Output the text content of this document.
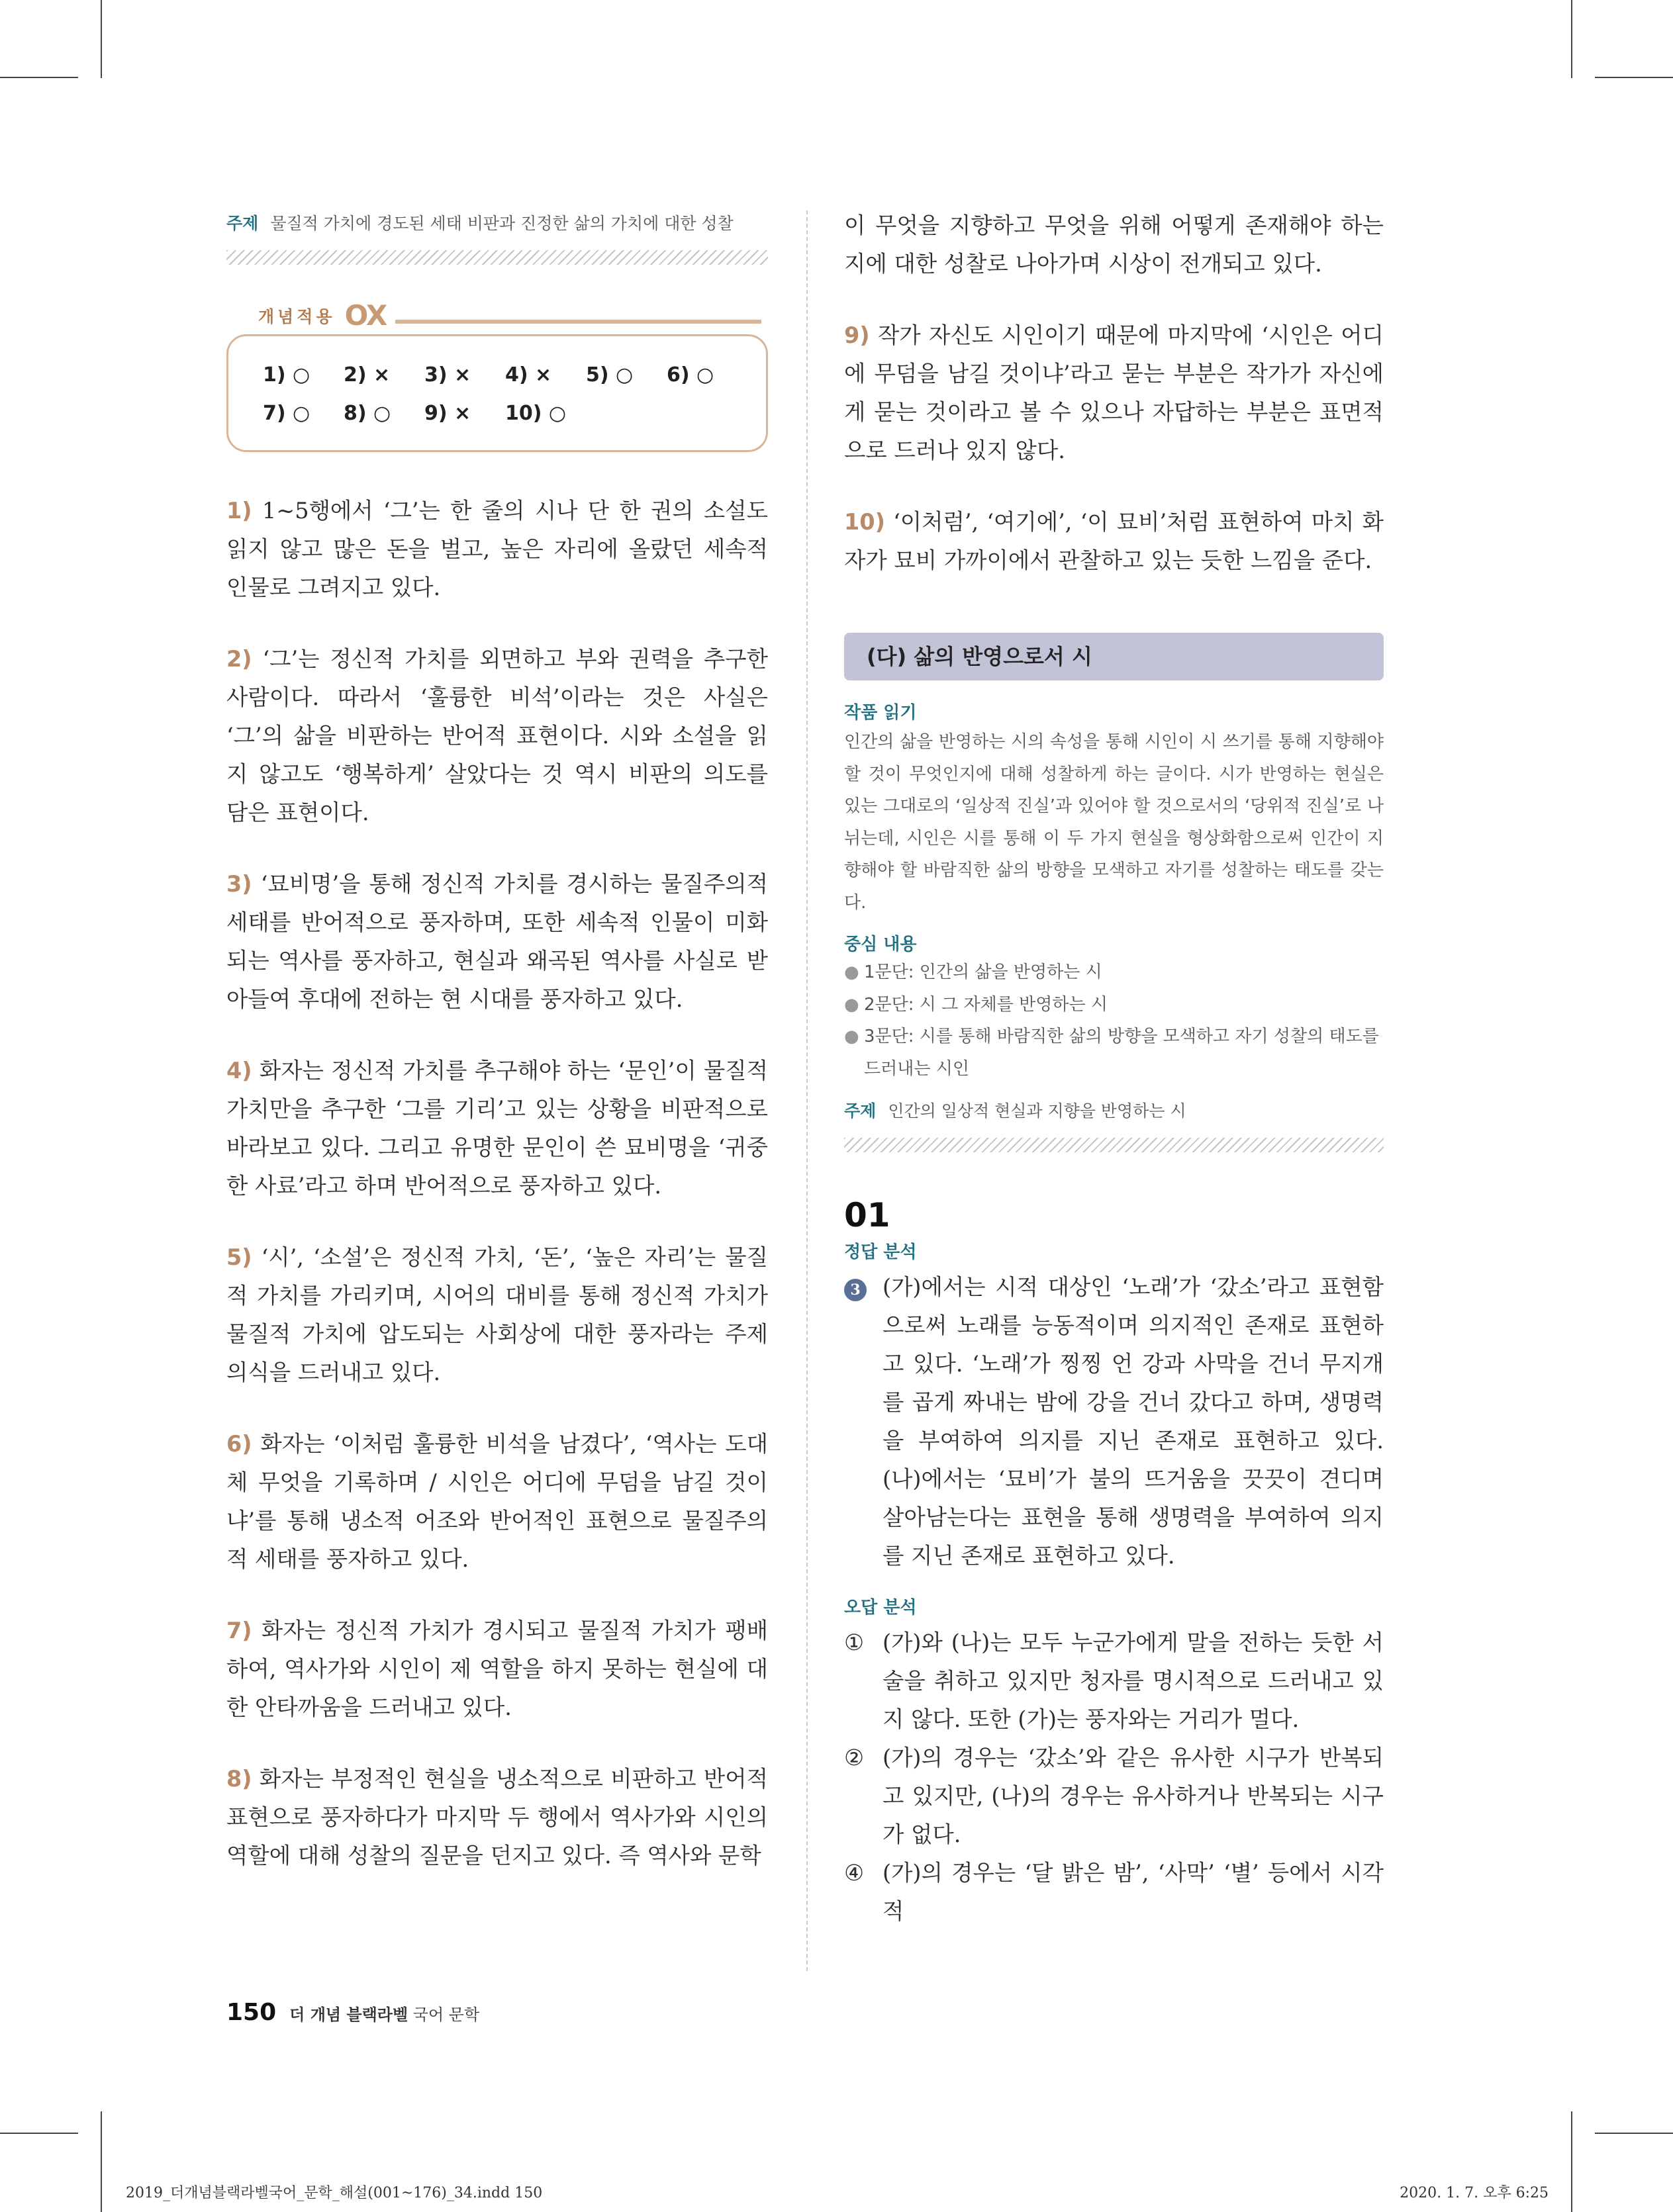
주제 물질적 가치에 경도된 세태 비판과 진정한 삶의 가치에 대한 성찰
개념적용 OX
1) ○	2) ×	3) ×	4) ×	5) ○	6) ○
7) ○	8) ○	9) ×	10) ○
1) 1~5행에서 ‘그’는 한 줄의 시나 단 한 권의 소설도 읽지 않고 많은 돈을 벌고, 높은 자리에 올랐던 세속적 인물로 그려지고 있다.
2) ‘그’는 정신적 가치를 외면하고 부와 권력을 추구한 사람이다. 따라서 ‘훌륭한 비석’이라는 것은 사실은 ‘그’의 삶을 비판하는 반어적 표현이다. 시와 소설을 읽지 않고도 ‘행복하게’ 살았다는 것 역시 비판의 의도를 담은 표현이다.
3) ‘묘비명’을 통해 정신적 가치를 경시하는 물질주의적 세태를 반어적으로 풍자하며, 또한 세속적 인물이 미화되는 역사를 풍자하고, 현실과 왜곡된 역사를 사실로 받아들여 후대에 전하는 현 시대를 풍자하고 있다.
4) 화자는 정신적 가치를 추구해야 하는 ‘문인’이 물질적 가치만을 추구한 ‘그를 기리’고 있는 상황을 비판적으로 바라보고 있다. 그리고 유명한 문인이 쓴 묘비명을 ‘귀중한 사료’라고 하며 반어적으로 풍자하고 있다.
5) ‘시’, ‘소설’은 정신적 가치, ‘돈’, ‘높은 자리’는 물질적 가치를 가리키며, 시어의 대비를 통해 정신적 가치가 물질적 가치에 압도되는 사회상에 대한 풍자라는 주제 의식을 드러내고 있다.
6) 화자는 ‘이처럼 훌륭한 비석을 남겼다’, ‘역사는 도대체 무엇을 기록하며 / 시인은 어디에 무덤을 남길 것이냐’를 통해 냉소적 어조와 반어적인 표현으로 물질주의적 세태를 풍자하고 있다.
7) 화자는 정신적 가치가 경시되고 물질적 가치가 팽배하여, 역사가와 시인이 제 역할을 하지 못하는 현실에 대한 안타까움을 드러내고 있다.
8) 화자는 부정적인 현실을 냉소적으로 비판하고 반어적 표현으로 풍자하다가 마지막 두 행에서 역사가와 시인의 역할에 대해 성찰의 질문을 던지고 있다. 즉 역사와 문학
이 무엇을 지향하고 무엇을 위해 어떻게 존재해야 하는지에 대한 성찰로 나아가며 시상이 전개되고 있다.
9) 작가 자신도 시인이기 때문에 마지막에 ‘시인은 어디에 무덤을 남길 것이냐’라고 묻는 부분은 작가가 자신에게 묻는 것이라고 볼 수 있으나 자답하는 부분은 표면적으로 드러나 있지 않다.
10) ‘이처럼’, ‘여기에’, ‘이 묘비’처럼 표현하여 마치 화자가 묘비 가까이에서 관찰하고 있는 듯한 느낌을 준다.
(다) 삶의 반영으로서 시
작품 읽기
인간의 삶을 반영하는 시의 속성을 통해 시인이 시 쓰기를 통해 지향해야 할 것이 무엇인지에 대해 성찰하게 하는 글이다. 시가 반영하는 현실은 있는 그대로의 ‘일상적 진실’과 있어야 할 것으로서의 ‘당위적 진실’로 나뉘는데, 시인은 시를 통해 이 두 가지 현실을 형상화함으로써 인간이 지향해야 할 바람직한 삶의 방향을 모색하고 자기를 성찰하는 태도를 갖는다.
중심 내용
● 1문단: 인간의 삶을 반영하는 시
● 2문단: 시 그 자체를 반영하는 시
● 3문단: 시를 통해 바람직한 삶의 방향을 모색하고 자기 성찰의 태도를 드러내는 시인
주제 인간의 일상적 현실과 지향을 반영하는 시
01
정답 분석
3 (가)에서는 시적 대상인 ‘노래’가 ‘갔소’라고 표현함으로써 노래를 능동적이며 의지적인 존재로 표현하고 있다. ‘노래’가 찡찡 언 강과 사막을 건너 무지개를 곱게 짜내는 밤에 강을 건너 갔다고 하며, 생명력을 부여하여 의지를 지닌 존재로 표현하고 있다. (나)에서는 ‘묘비’가 불의 뜨거움을 끗끗이 견디며 살아남는다는 표현을 통해 생명력을 부여하여 의지를 지닌 존재로 표현하고 있다.
오답 분석
① (가)와 (나)는 모두 누군가에게 말을 전하는 듯한 서술을 취하고 있지만 청자를 명시적으로 드러내고 있지 않다. 또한 (가)는 풍자와는 거리가 멀다.
② (가)의 경우는 ‘갔소’와 같은 유사한 시구가 반복되고 있지만, (나)의 경우는 유사하거나 반복되는 시구가 없다.
④ (가)의 경우는 ‘달 밝은 밤’, ‘사막’ ‘별’ 등에서 시각적
150 더 개념 블랙라벨 국어 문학
2019_더개념블랙라벨국어_문학_해설(001~176)_34.indd 150	2020. 1. 7. 오후 6:25
